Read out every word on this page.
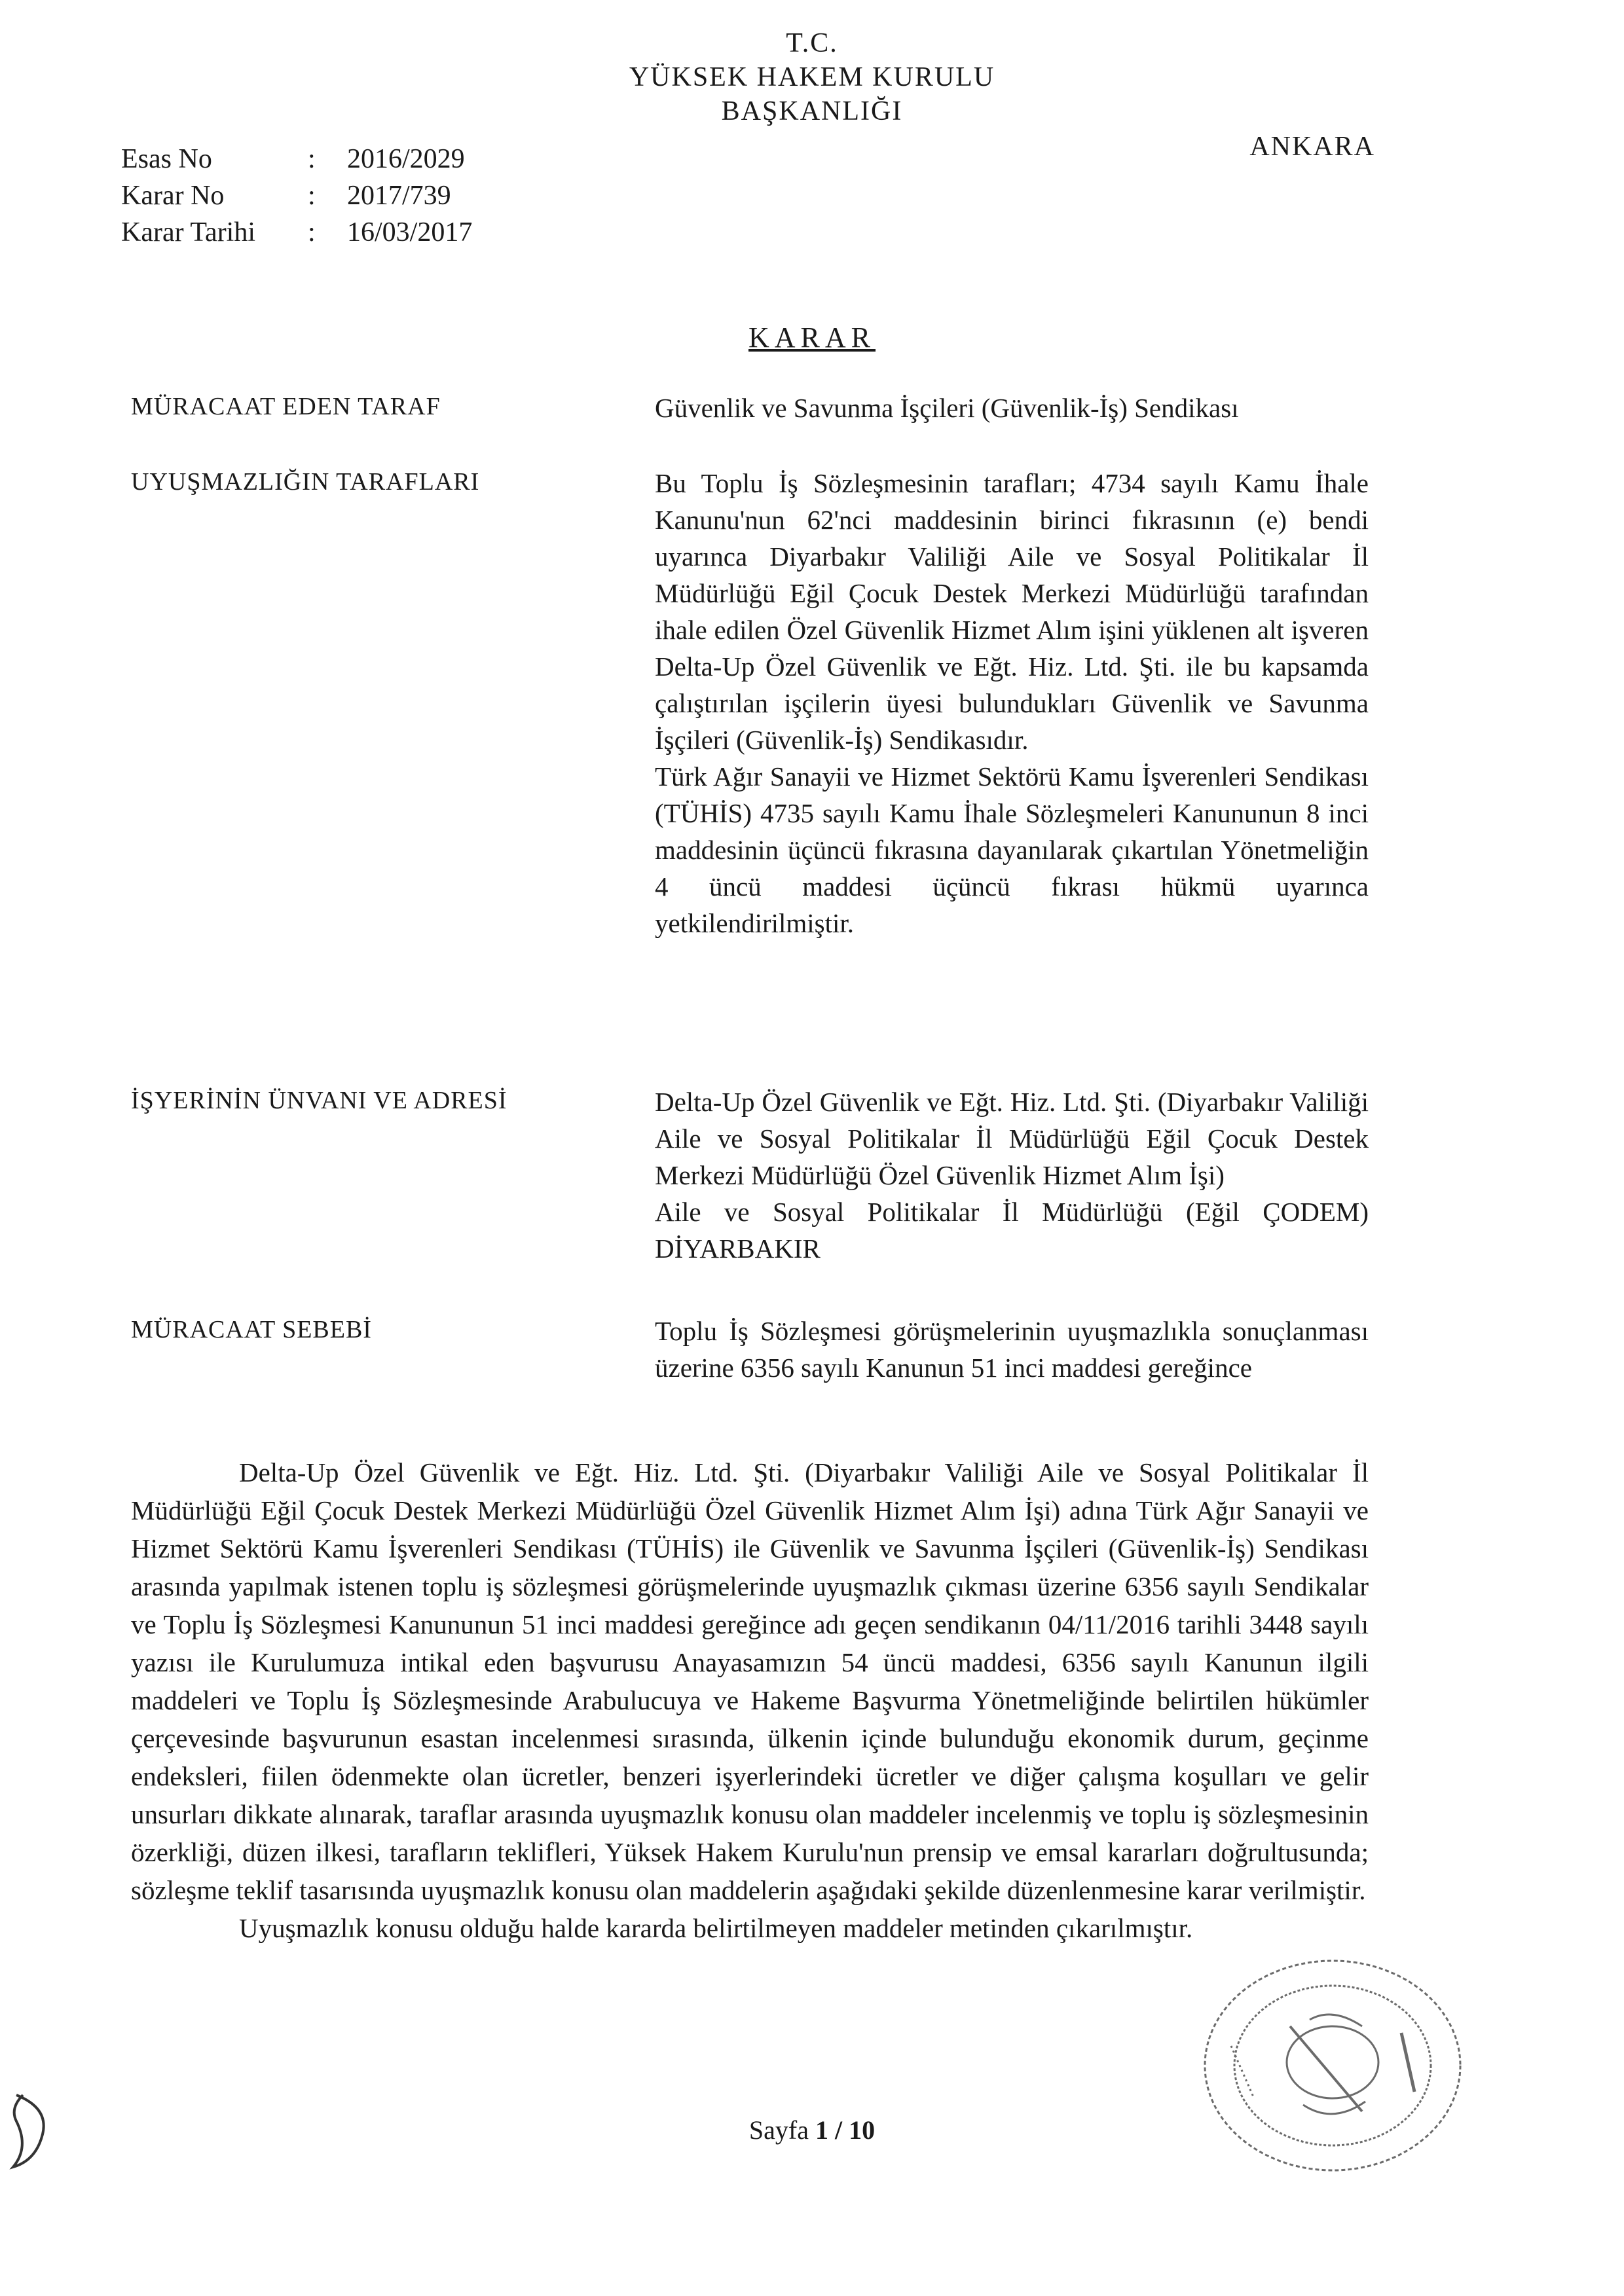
T.C.
YÜKSEK HAKEM KURULU
BAŞKANLIĞI
ANKARA
Esas No	:	2016/2029
Karar No	:	2017/739
Karar Tarihi	:	16/03/2017
KARAR
MÜRACAAT EDEN TARAF	Güvenlik ve Savunma İşçileri (Güvenlik-İş) Sendikası

UYUŞMAZLIĞIN TARAFLARI	Bu Toplu İş Sözleşmesinin tarafları; 4734 sayılı Kamu İhale Kanunu'nun 62'nci maddesinin birinci fıkrasının (e) bendi uyarınca Diyarbakır Valiliği Aile ve Sosyal Politikalar İl Müdürlüğü Eğil Çocuk Destek Merkezi Müdürlüğü tarafından ihale edilen Özel Güvenlik Hizmet Alım işini yüklenen alt işveren Delta-Up Özel Güvenlik ve Eğt. Hiz. Ltd. Şti. ile bu kapsamda çalıştırılan işçilerin üyesi bulundukları Güvenlik ve Savunma İşçileri (Güvenlik-İş) Sendikasıdır.

Türk Ağır Sanayii ve Hizmet Sektörü Kamu İşverenleri Sendikası (TÜHİS) 4735 sayılı Kamu İhale Sözleşmeleri Kanununun 8 inci maddesinin üçüncü fıkrasına dayanılarak çıkartılan Yönetmeliğin 4 üncü maddesi üçüncü fıkrası hükmü uyarınca yetkilendirilmiştir.

İŞYERİNİN ÜNVANI VE ADRESİ	Delta-Up Özel Güvenlik ve Eğt. Hiz. Ltd. Şti. (Diyarbakır Valiliği Aile ve Sosyal Politikalar İl Müdürlüğü Eğil Çocuk Destek Merkezi Müdürlüğü Özel Güvenlik Hizmet Alım İşi)

Aile ve Sosyal Politikalar İl Müdürlüğü (Eğil ÇODEM) DİYARBAKIR

MÜRACAAT SEBEBİ	Toplu İş Sözleşmesi görüşmelerinin uyuşmazlıkla sonuçlanması üzerine 6356 sayılı Kanunun 51 inci maddesi gereğince

Delta-Up Özel Güvenlik ve Eğt. Hiz. Ltd. Şti. (Diyarbakır Valiliği Aile ve Sosyal Politikalar İl Müdürlüğü Eğil Çocuk Destek Merkezi Müdürlüğü Özel Güvenlik Hizmet Alım İşi) adına Türk Ağır Sanayii ve Hizmet Sektörü Kamu İşverenleri Sendikası (TÜHİS) ile Güvenlik ve Savunma İşçileri (Güvenlik-İş) Sendikası arasında yapılmak istenen toplu iş sözleşmesi görüşmelerinde uyuşmazlık çıkması üzerine 6356 sayılı Sendikalar ve Toplu İş Sözleşmesi Kanununun 51 inci maddesi gereğince adı geçen sendikanın 04/11/2016 tarihli 3448 sayılı yazısı ile Kurulumuza intikal eden başvurusu Anayasamızın 54 üncü maddesi, 6356 sayılı Kanunun ilgili maddeleri ve Toplu İş Sözleşmesinde Arabulucuya ve Hakeme Başvurma Yönetmeliğinde belirtilen hükümler çerçevesinde başvurunun esastan incelenmesi sırasında, ülkenin içinde bulunduğu ekonomik durum, geçinme endeksleri, fiilen ödenmekte olan ücretler, benzeri işyerlerindeki ücretler ve diğer çalışma koşulları ve gelir unsurları dikkate alınarak, taraflar arasında uyuşmazlık konusu olan maddeler incelenmiş ve toplu iş sözleşmesinin özerkliği, düzen ilkesi, tarafların teklifleri, Yüksek Hakem Kurulu'nun prensip ve emsal kararları doğrultusunda; sözleşme teklif tasarısında uyuşmazlık konusu olan maddelerin aşağıdaki şekilde düzenlenmesine karar verilmiştir.

Uyuşmazlık konusu olduğu halde kararda belirtilmeyen maddeler metinden çıkarılmıştır.

Sayfa 1 / 10
